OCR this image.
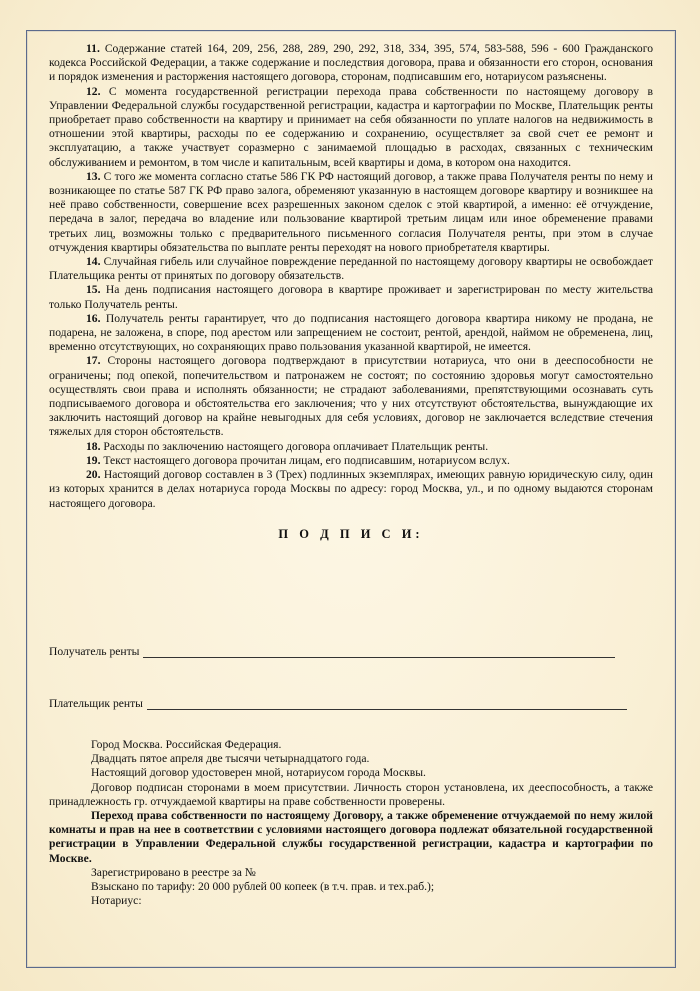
11. Содержание статей 164, 209, 256, 288, 289, 290, 292, 318, 334, 395, 574, 583-588, 596 - 600 Гражданского кодекса Российской Федерации, а также содержание и последствия договора, права и обязанности его сторон, основания и порядок изменения и расторжения настоящего договора, сторонам, подписавшим его, нотариусом разъяснены.

12. С момента государственной регистрации перехода права собственности по настоящему договору в Управлении Федеральной службы государственной регистрации, кадастра и картографии по Москве, Плательщик ренты приобретает право собственности на квартиру и принимает на себя обязанности по уплате налогов на недвижимость в отношении этой квартиры, расходы по ее содержанию и сохранению, осуществляет за свой счет ее ремонт и эксплуатацию, а также участвует соразмерно с занимаемой площадью в расходах, связанных с техническим обслуживанием и ремонтом, в том числе и капитальным, всей квартиры и дома, в котором она находится.

13. С того же момента согласно статье 586 ГК РФ настоящий договор, а также права Получателя ренты по нему и возникающее по статье 587 ГК РФ право залога, обременяют указанную в настоящем договоре квартиру и возникшее на неё право собственности, совершение всех разрешенных законом сделок с этой квартирой, а именно: её отчуждение, передача в залог, передача во владение или пользование квартирой третьим лицам или иное обременение правами третьих лиц, возможны только с предварительного письменного согласия Получателя ренты, при этом в случае отчуждения квартиры обязательства по выплате ренты переходят на нового приобретателя квартиры.

14. Случайная гибель или случайное повреждение переданной по настоящему договору квартиры не освобождает Плательщика ренты от принятых по договору обязательств.

15. На день подписания настоящего договора в квартире проживает и зарегистрирован по месту жительства только Получатель ренты.

16. Получатель ренты гарантирует, что до подписания настоящего договора квартира никому не продана, не подарена, не заложена, в споре, под арестом или запрещением не состоит, рентой, арендой, наймом не обременена, лиц, временно отсутствующих, но сохраняющих право пользования указанной квартирой, не имеется.

17. Стороны настоящего договора подтверждают в присутствии нотариуса, что они в дееспособности не ограничены; под опекой, попечительством и патронажем не состоят; по состоянию здоровья могут самостоятельно осуществлять свои права и исполнять обязанности; не страдают заболеваниями, препятствующими осознавать суть подписываемого договора и обстоятельства его заключения; что у них отсутствуют обстоятельства, вынуждающие их заключить настоящий договор на крайне невыгодных для себя условиях, договор не заключается вследствие стечения тяжелых для сторон обстоятельств.

18. Расходы по заключению настоящего договора оплачивает Плательщик ренты.

19. Текст настоящего договора прочитан лицам, его подписавшим, нотариусом вслух.

20. Настоящий договор составлен в 3 (Трех) подлинных экземплярах, имеющих равную юридическую силу, один из которых хранится в делах нотариуса города Москвы по адресу: город Москва, ул., и по одному выдаются сторонам настоящего договора.

П О Д П И С И:

Получатель ренты
Плательщик ренты

Город Москва. Российская Федерация.

Двадцать пятое апреля две тысячи четырнадцатого года.

Настоящий договор удостоверен мной, нотариусом города Москвы.

Договор подписан сторонами в моем присутствии. Личность сторон установлена, их дееспособность, а также принадлежность гр. отчуждаемой квартиры на праве собственности проверены.

Переход права собственности по настоящему Договору, а также обременение отчуждаемой по нему жилой комнаты и прав на нее в соответствии с условиями настоящего договора подлежат обязательной государственной регистрации в Управлении Федеральной службы государственной регистрации, кадастра и картографии по Москве.

Зарегистрировано в реестре за №

Взыскано по тарифу: 20 000 рублей 00 копеек (в т.ч. прав. и тех.раб.);

Нотариус:
